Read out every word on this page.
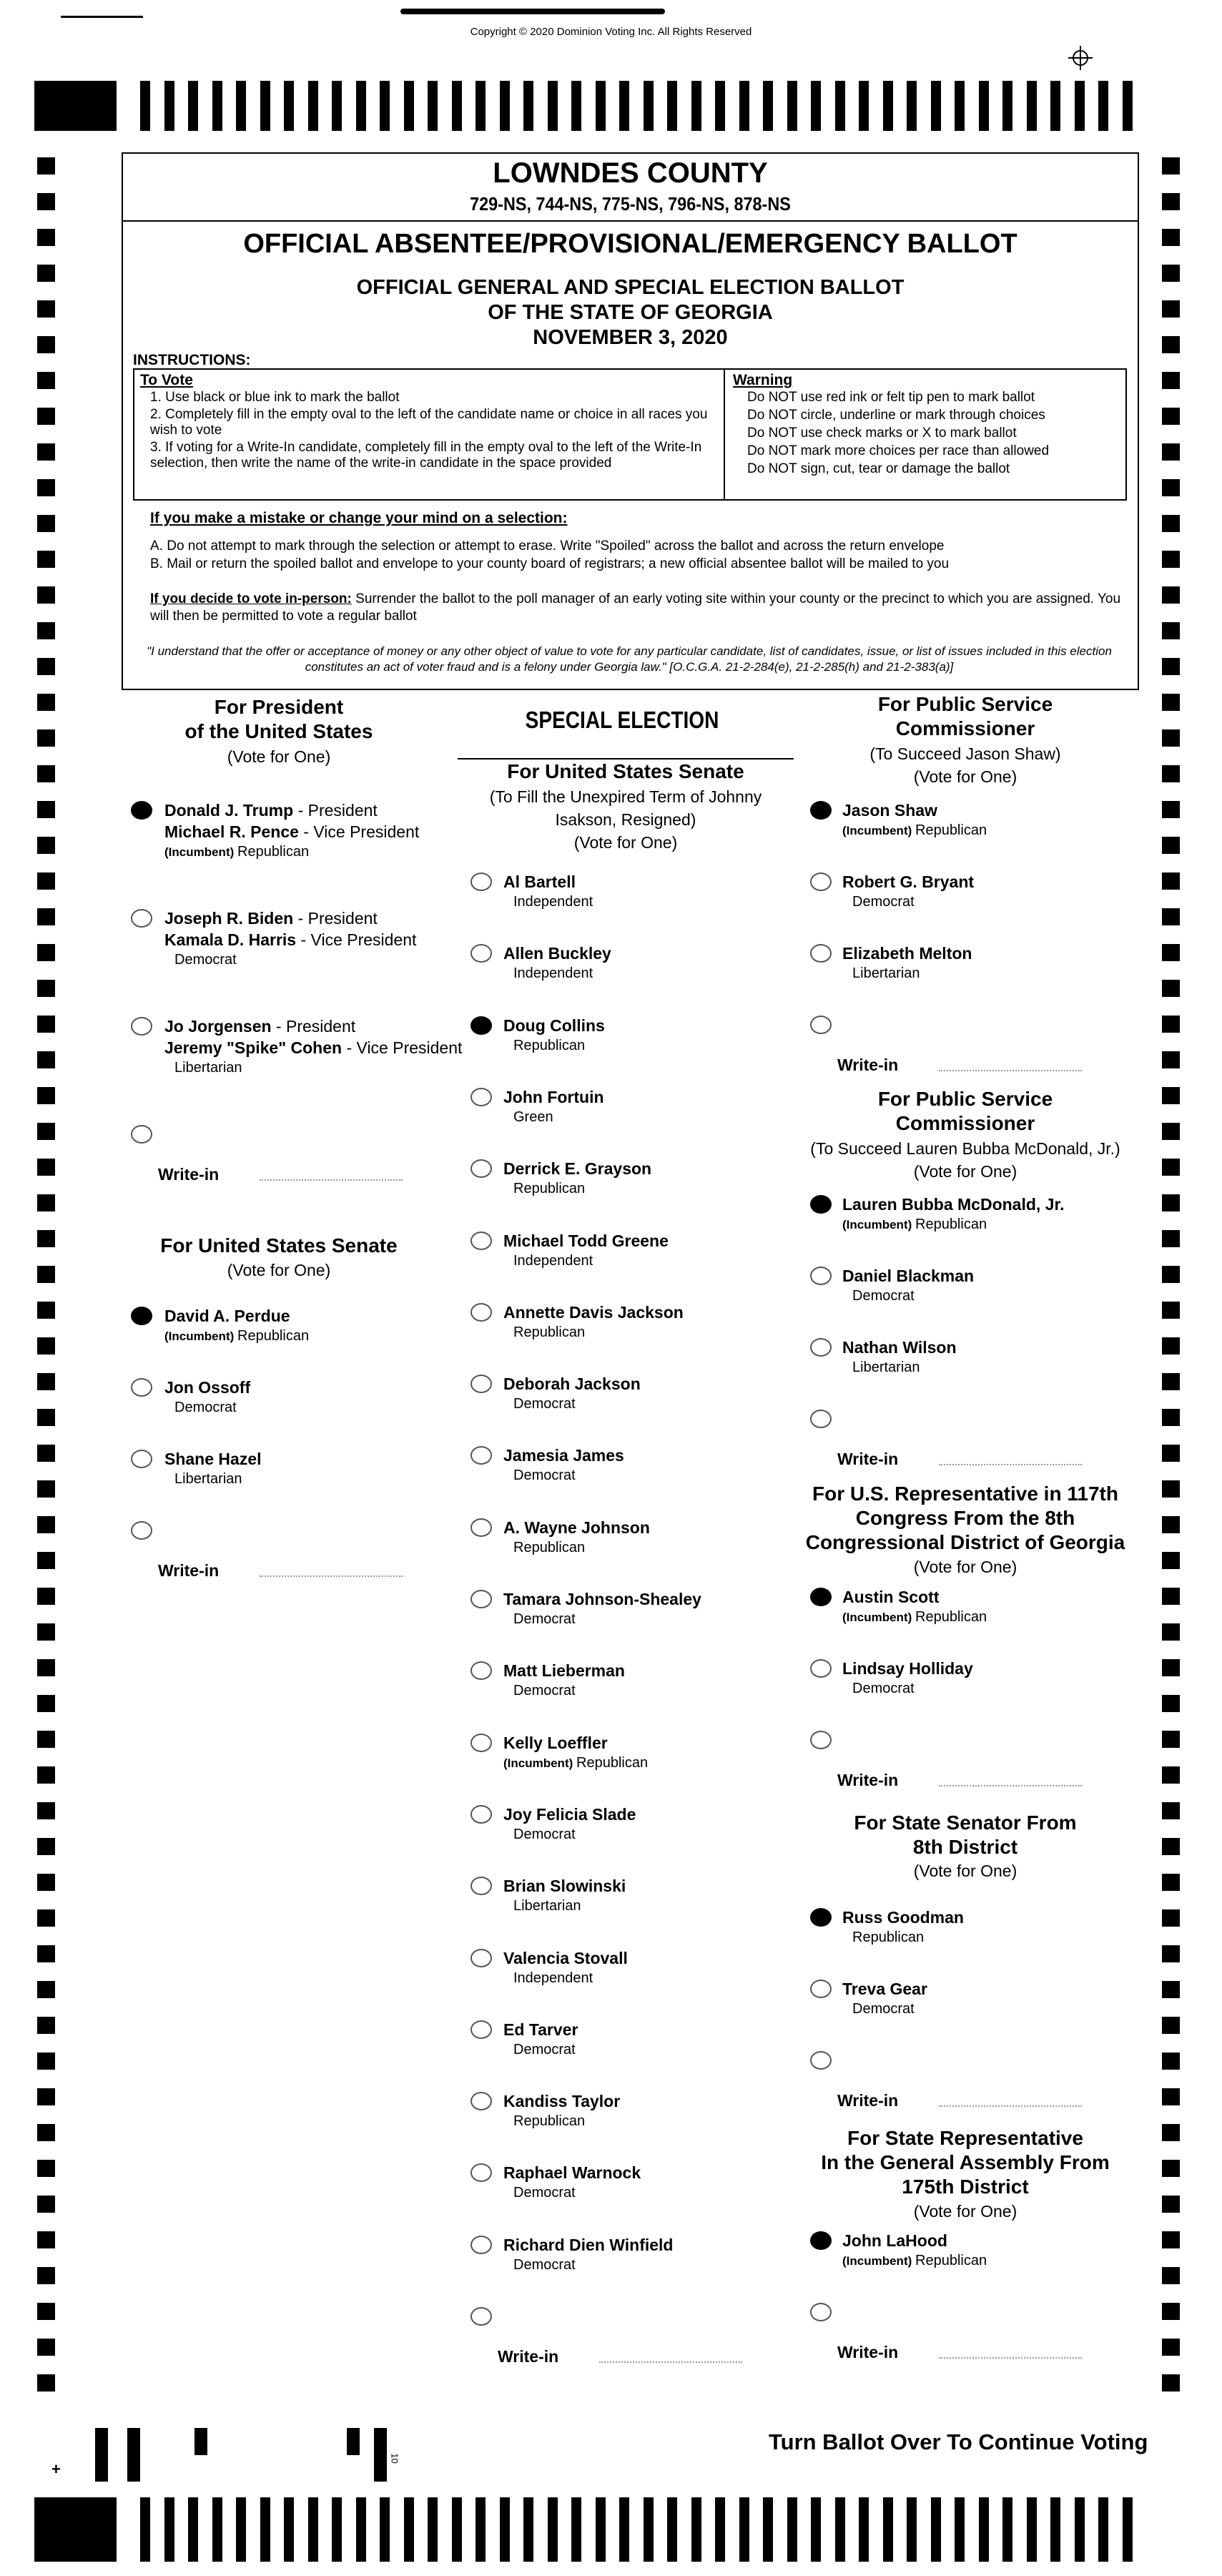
Copyright © 2020 Dominion Voting Inc. All Rights Reserved
LOWNDES COUNTY
729-NS, 744-NS, 775-NS, 796-NS, 878-NS
OFFICIAL ABSENTEE/PROVISIONAL/EMERGENCY BALLOT
OFFICIAL GENERAL AND SPECIAL ELECTION BALLOT
OF THE STATE OF GEORGIA
NOVEMBER 3, 2020
INSTRUCTIONS:
To Vote
1. Use black or blue ink to mark the ballot
2. Completely fill in the empty oval to the left of the candidate name or choice in all races you wish to vote
3. If voting for a Write-In candidate, completely fill in the empty oval to the left of the Write-In selection, then write the name of the write-in candidate in the space provided
Warning
Do NOT use red ink or felt tip pen to mark ballot
Do NOT circle, underline or mark through choices
Do NOT use check marks or X to mark ballot
Do NOT mark more choices per race than allowed
Do NOT sign, cut, tear or damage the ballot
If you make a mistake or change your mind on a selection:
A. Do not attempt to mark through the selection or attempt to erase. Write "Spoiled" across the ballot and across the return envelope
B. Mail or return the spoiled ballot and envelope to your county board of registrars; a new official absentee ballot will be mailed to you
If you decide to vote in-person: Surrender the ballot to the poll manager of an early voting site within your county or the precinct to which you are assigned. You will then be permitted to vote a regular ballot
"I understand that the offer or acceptance of money or any other object of value to vote for any particular candidate, list of candidates, issue, or list of issues included in this election constitutes an act of voter fraud and is a felony under Georgia law." [O.C.G.A. 21-2-284(e), 21-2-285(h) and 21-2-383(a)]
For President
of the United States
(Vote for One)
Donald J. Trump - President
Michael R. Pence - Vice President
(Incumbent) Republican
Joseph R. Biden - President
Kamala D. Harris - Vice President
Democrat
Jo Jorgensen - President
Jeremy "Spike" Cohen - Vice President
Libertarian
Write-in
For United States Senate
(Vote for One)
David A. Perdue
(Incumbent) Republican
Jon Ossoff
Democrat
Shane Hazel
Libertarian
Write-in
SPECIAL ELECTION
For United States Senate
(To Fill the Unexpired Term of Johnny
Isakson, Resigned)
(Vote for One)
Al Bartell
Independent
Allen Buckley
Independent
Doug Collins
Republican
John Fortuin
Green
Derrick E. Grayson
Republican
Michael Todd Greene
Independent
Annette Davis Jackson
Republican
Deborah Jackson
Democrat
Jamesia James
Democrat
A. Wayne Johnson
Republican
Tamara Johnson-Shealey
Democrat
Matt Lieberman
Democrat
Kelly Loeffler
(Incumbent) Republican
Joy Felicia Slade
Democrat
Brian Slowinski
Libertarian
Valencia Stovall
Independent
Ed Tarver
Democrat
Kandiss Taylor
Republican
Raphael Warnock
Democrat
Richard Dien Winfield
Democrat
Write-in
For Public Service
Commissioner
(To Succeed Jason Shaw)
(Vote for One)
Jason Shaw
(Incumbent) Republican
Robert G. Bryant
Democrat
Elizabeth Melton
Libertarian
Write-in
For Public Service
Commissioner
(To Succeed Lauren Bubba McDonald, Jr.)
(Vote for One)
Lauren Bubba McDonald, Jr.
(Incumbent) Republican
Daniel Blackman
Democrat
Nathan Wilson
Libertarian
Write-in
For U.S. Representative in 117th
Congress From the 8th
Congressional District of Georgia
(Vote for One)
Austin Scott
(Incumbent) Republican
Lindsay Holliday
Democrat
Write-in
For State Senator From
8th District
(Vote for One)
Russ Goodman
Republican
Treva Gear
Democrat
Write-in
For State Representative
In the General Assembly From
175th District
(Vote for One)
John LaHood
(Incumbent) Republican
Write-in
Turn Ballot Over To Continue Voting
+
10
